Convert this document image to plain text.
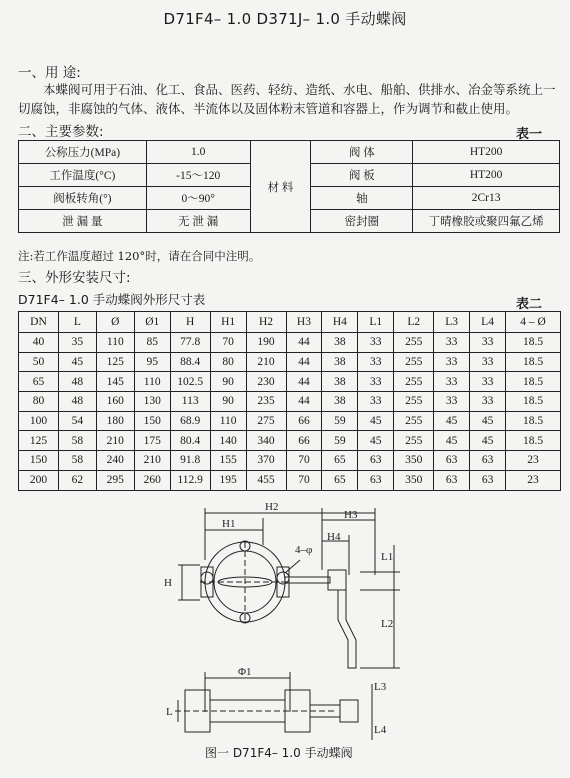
D71F4– 1.0 D371J– 1.0 手动蝶阀
一、用 途:
本蝶阀可用于石油、化工、食品、医药、轻纺、造纸、水电、船舶、供排水、冶金等系统上一切腐蚀，非腐蚀的气体、液体、半流体以及固体粉末管道和容器上，作为调节和截止使用。
二、主要参数:	表一
公称压力(MPa)	1.0	材 料	阀 体	HT200
工作温度(°C)	-15～120		阀 板	HT200
阀板转角(°)	0～90°		轴	2Cr13
泄 漏 量	无 泄 漏		密封圈	丁晴橡胶或聚四氟乙烯
注:若工作温度超过 120°时，请在合同中注明。
三、外形安装尺寸:
D71F4– 1.0 手动蝶阀外形尺寸表	表二
DN	L	Ø	Ø1	H	H1	H2	H3	H4	L1	L2	L3	L4	4 – Ø
40	35	110	85	77.8	70	190	44	38	33	255	33	33	18.5
50	45	125	95	88.4	80	210	44	38	33	255	33	33	18.5
65	48	145	110	102.5	90	230	44	38	33	255	33	33	18.5
80	48	160	130	113	90	235	44	38	33	255	33	33	18.5
100	54	180	150	68.9	110	275	66	59	45	255	45	45	18.5
125	58	210	175	80.4	140	340	66	59	45	255	45	45	18.5
150	58	240	210	91.8	155	370	70	65	63	350	63	63	23
200	62	295	260	112.9	195	455	70	65	63	350	63	63	23
H2
H1
H3
H4
4–φ
H
L1
L2
Φ1
L
L3
L4
图一 D71F4– 1.0 手动蝶阀
